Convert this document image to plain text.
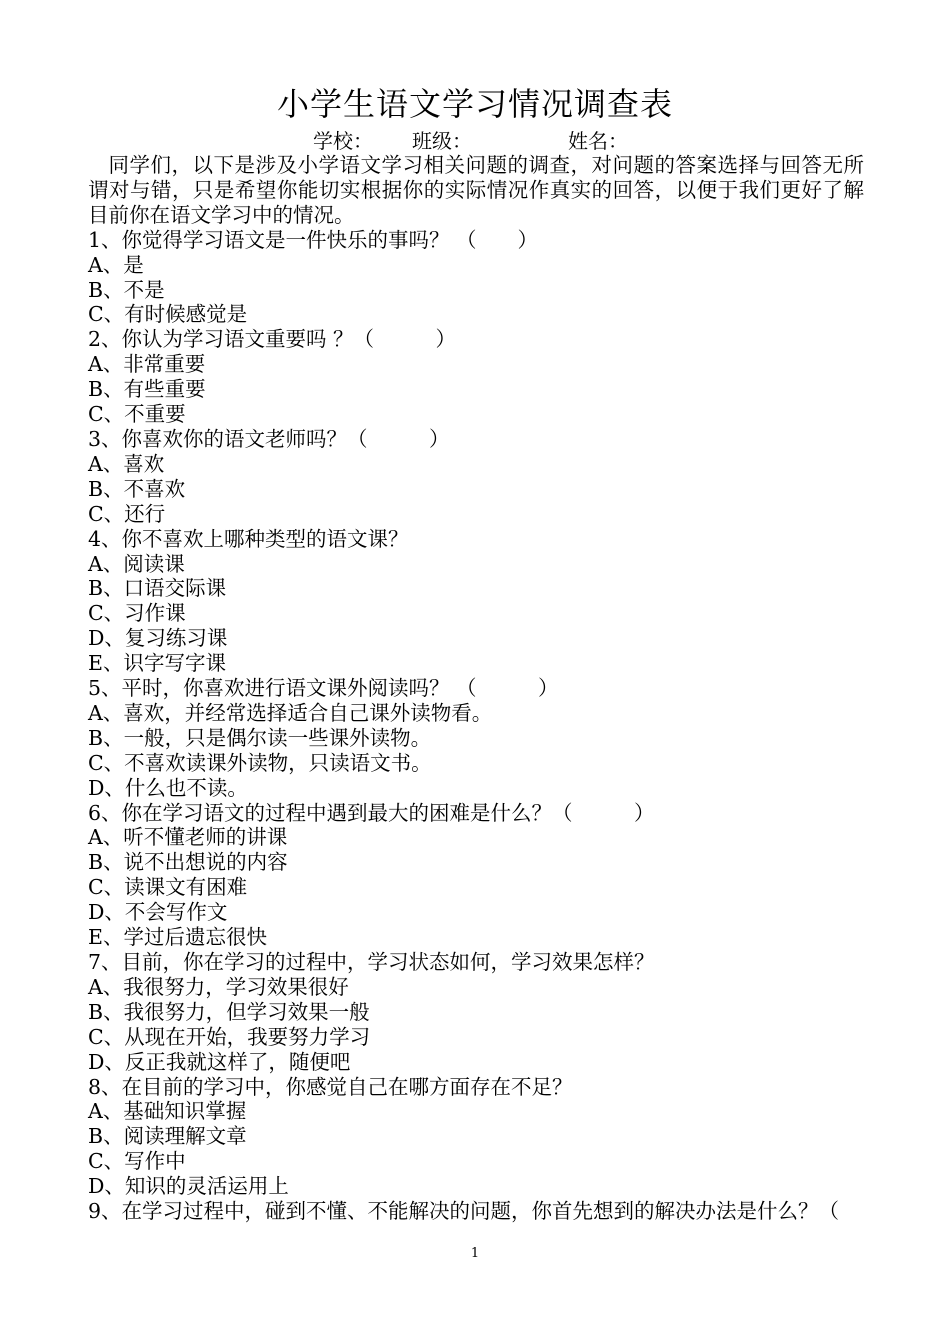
小学生语文学习情况调查表
学校： 班级：	姓名：

同学们，以下是涉及小学语文学习相关问题的调查，对问题的答案选择与回答无所谓对与错，只是希望你能切实根据你的实际情况作真实的回答，以便于我们更好了解目前你在语文学习中的情况。

1、你觉得学习语文是一件快乐的事吗？ （　　）

A、是

B、不是

C、有时候感觉是

2、你认为学习语文重要吗 ？（　　　）

A、非常重要

B、有些重要

C、不重要

3、你喜欢你的语文老师吗？（　　　）

A、喜欢

B、不喜欢

C、还行

4、你不喜欢上哪种类型的语文课？

A、阅读课

B、口语交际课

C、习作课

D、复习练习课

E、识字写字课

5、平时，你喜欢进行语文课外阅读吗？ （　　　）

A、喜欢，并经常选择适合自己课外读物看。

B、一般，只是偶尔读一些课外读物。

C、不喜欢读课外读物，只读语文书。

D、什么也不读。

6、你在学习语文的过程中遇到最大的困难是什么？（　　　）

A、听不懂老师的讲课

B、说不出想说的内容

C、读课文有困难

D、不会写作文

E、学过后遗忘很快

7、目前，你在学习的过程中，学习状态如何，学习效果怎样？

A、我很努力，学习效果很好

B、我很努力，但学习效果一般

C、从现在开始，我要努力学习

D、反正我就这样了，随便吧

8、在目前的学习中，你感觉自己在哪方面存在不足？

A、基础知识掌握

B、阅读理解文章

C、写作中

D、知识的灵活运用上

9、在学习过程中，碰到不懂、不能解决的问题，你首先想到的解决办法是什么？（

1
